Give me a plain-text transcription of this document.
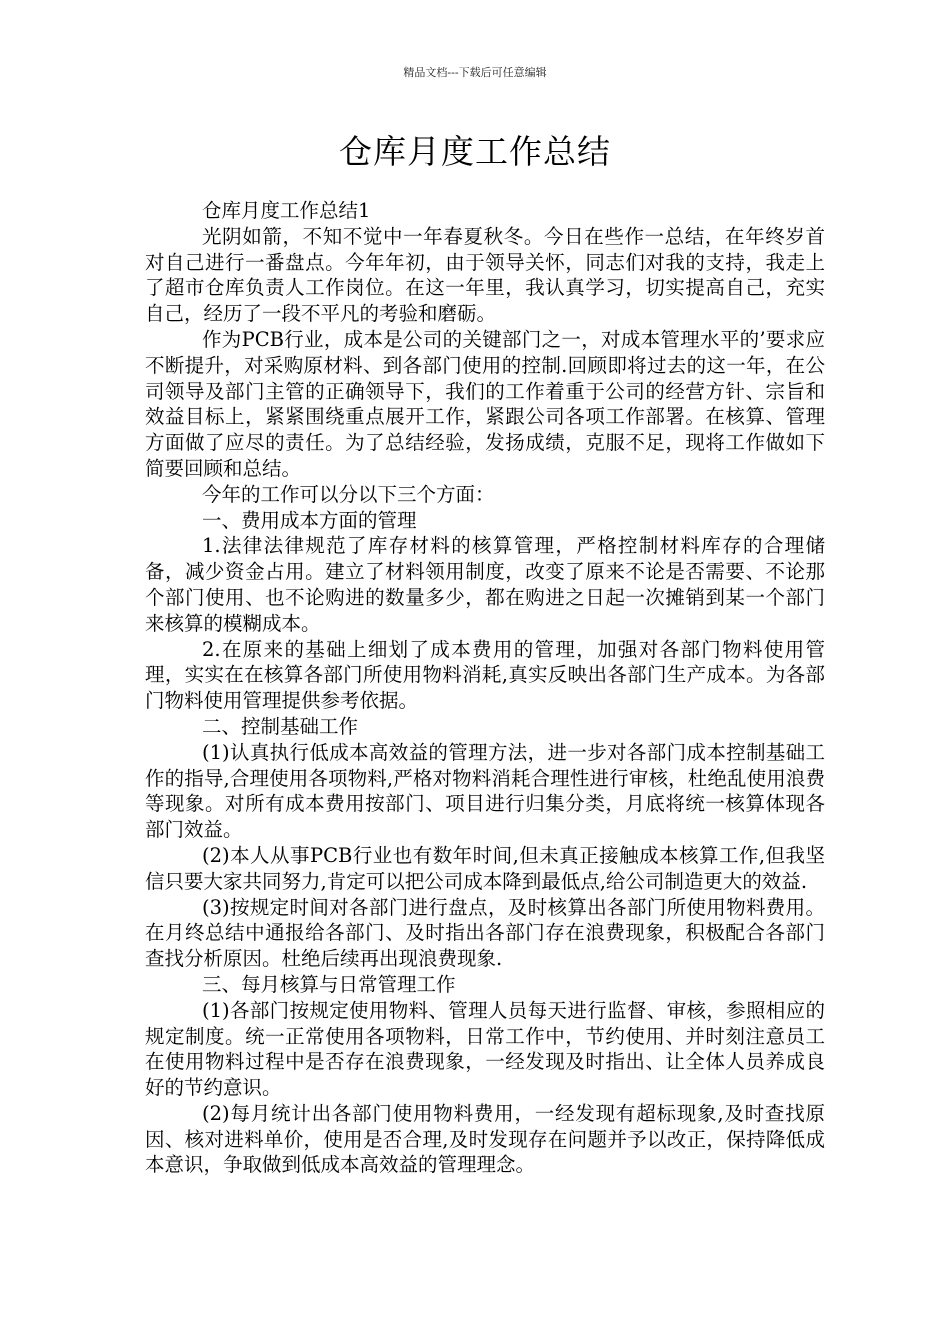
精品文档---下载后可任意编辑
仓库月度工作总结

仓库月度工作总结1

光阴如箭，不知不觉中一年春夏秋冬。今日在些作一总结，在年终岁首对自己进行一番盘点。今年年初，由于领导关怀，同志们对我的支持，我走上了超市仓库负责人工作岗位。在这一年里，我认真学习，切实提高自己，充实自己，经历了一段不平凡的考验和磨砺。

作为PCB行业，成本是公司的关键部门之一，对成本管理水平的’要求应不断提升，对采购原材料、到各部门使用的控制.回顾即将过去的这一年，在公司领导及部门主管的正确领导下，我们的工作着重于公司的经营方针、宗旨和效益目标上，紧紧围绕重点展开工作，紧跟公司各项工作部署。在核算、管理方面做了应尽的责任。为了总结经验，发扬成绩，克服不足，现将工作做如下简要回顾和总结。

今年的工作可以分以下三个方面：

一、费用成本方面的管理

1.法律法律规范了库存材料的核算管理，严格控制材料库存的合理储备，减少资金占用。建立了材料领用制度，改变了原来不论是否需要、不论那个部门使用、也不论购进的数量多少，都在购进之日起一次摊销到某一个部门来核算的模糊成本。

2.在原来的基础上细划了成本费用的管理，加强对各部门物料使用管理，实实在在核算各部门所使用物料消耗,真实反映出各部门生产成本。为各部门物料使用管理提供参考依据。

二、控制基础工作

(1)认真执行低成本高效益的管理方法，进一步对各部门成本控制基础工作的指导,合理使用各项物料,严格对物料消耗合理性进行审核，杜绝乱使用浪费等现象。对所有成本费用按部门、项目进行归集分类，月底将统一核算体现各部门效益。

(2)本人从事PCB行业也有数年时间,但未真正接触成本核算工作,但我坚信只要大家共同努力,肯定可以把公司成本降到最低点,给公司制造更大的效益.

(3)按规定时间对各部门进行盘点，及时核算出各部门所使用物料费用。在月终总结中通报给各部门、及时指出各部门存在浪费现象，积极配合各部门查找分析原因。杜绝后续再出现浪费现象.

三、每月核算与日常管理工作

(1)各部门按规定使用物料、管理人员每天进行监督、审核，参照相应的规定制度。统一正常使用各项物料，日常工作中，节约使用、并时刻注意员工在使用物料过程中是否存在浪费现象，一经发现及时指出、让全体人员养成良好的节约意识。

(2)每月统计出各部门使用物料费用，一经发现有超标现象,及时查找原因、核对进料单价，使用是否合理,及时发现存在问题并予以改正，保持降低成本意识，争取做到低成本高效益的管理理念。
